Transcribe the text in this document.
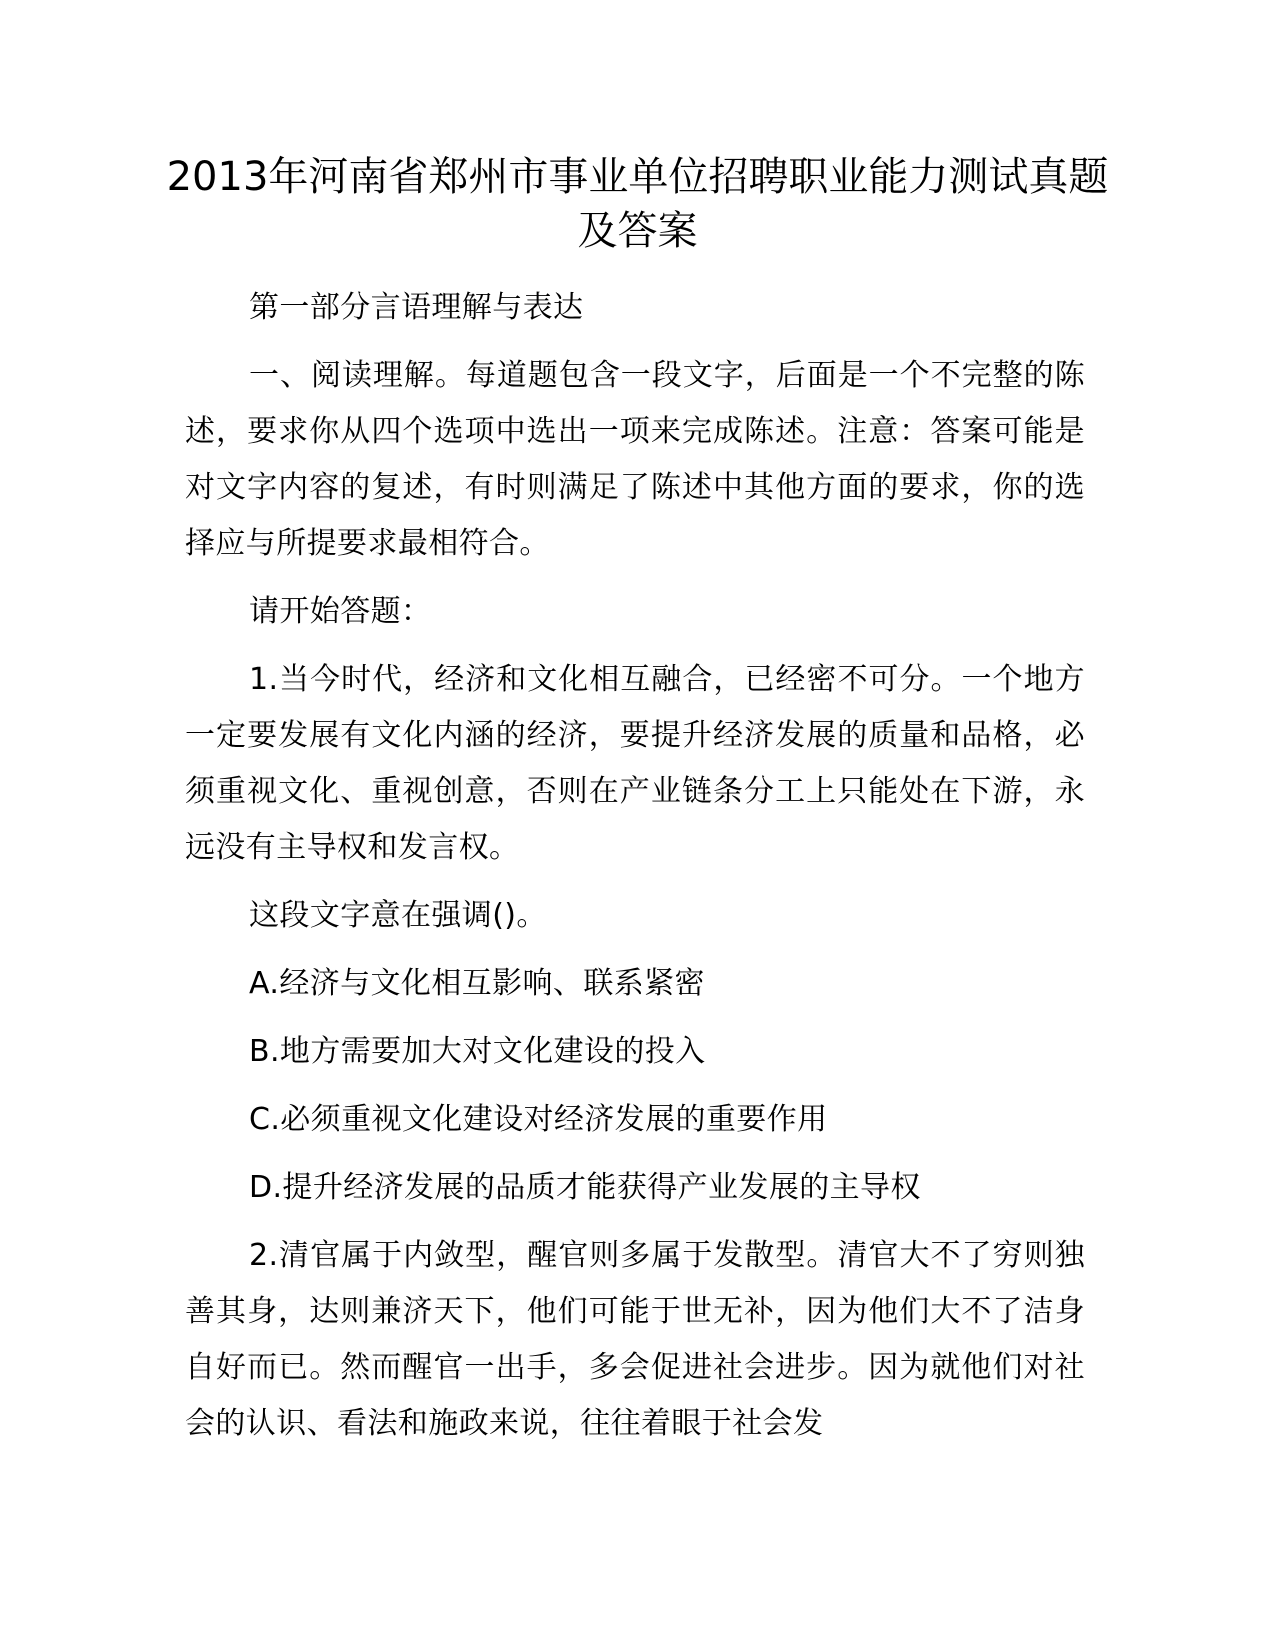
2013年河南省郑州市事业单位招聘职业能力测试真题及答案

第一部分言语理解与表达

一、阅读理解。每道题包含一段文字，后面是一个不完整的陈述，要求你从四个选项中选出一项来完成陈述。注意：答案可能是对文字内容的复述，有时则满足了陈述中其他方面的要求，你的选择应与所提要求最相符合。

请开始答题：

1.当今时代，经济和文化相互融合，已经密不可分。一个地方一定要发展有文化内涵的经济，要提升经济发展的质量和品格，必须重视文化、重视创意，否则在产业链条分工上只能处在下游，永远没有主导权和发言权。

这段文字意在强调()。

A.经济与文化相互影响、联系紧密

B.地方需要加大对文化建设的投入

C.必须重视文化建设对经济发展的重要作用

D.提升经济发展的品质才能获得产业发展的主导权

2.清官属于内敛型，醒官则多属于发散型。清官大不了穷则独善其身，达则兼济天下，他们可能于世无补，因为他们大不了洁身自好而已。然而醒官一出手，多会促进社会进步。因为就他们对社会的认识、看法和施政来说，往往着眼于社会发
